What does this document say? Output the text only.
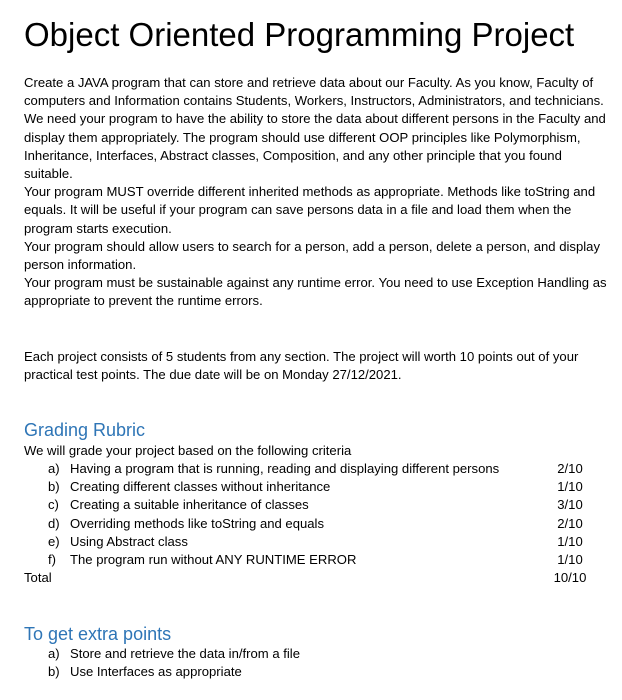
Object Oriented Programming Project

Create a JAVA program that can store and retrieve data about our Faculty. As you know, Faculty of computers and Information contains Students, Workers, Instructors, Administrators, and technicians.

We need your program to have the ability to store the data about different persons in the Faculty and display them appropriately. The program should use different OOP principles like Polymorphism, Inheritance, Interfaces, Abstract classes, Composition, and any other principle that you found suitable.

Your program MUST override different inherited methods as appropriate. Methods like toString and equals. It will be useful if your program can save persons data in a file and load them when the program starts execution.

Your program should allow users to search for a person, add a person, delete a person, and display person information.

Your program must be sustainable against any runtime error. You need to use Exception Handling as appropriate to prevent the runtime errors.

Each project consists of 5 students from any section. The project will worth 10 points out of your practical test points. The due date will be on Monday 27/12/2021.

Grading Rubric
We will grade your project based on the following criteria
a) Having a program that is running, reading and displaying different persons	2/10
b) Creating different classes without inheritance	1/10
c) Creating a suitable inheritance of classes	3/10
d) Overriding methods like toString and equals	2/10
e) Using Abstract class	1/10
f) The program run without ANY RUNTIME ERROR	1/10
Total	10/10
To get extra points
a) Store and retrieve the data in/from a file
b) Use Interfaces as appropriate
